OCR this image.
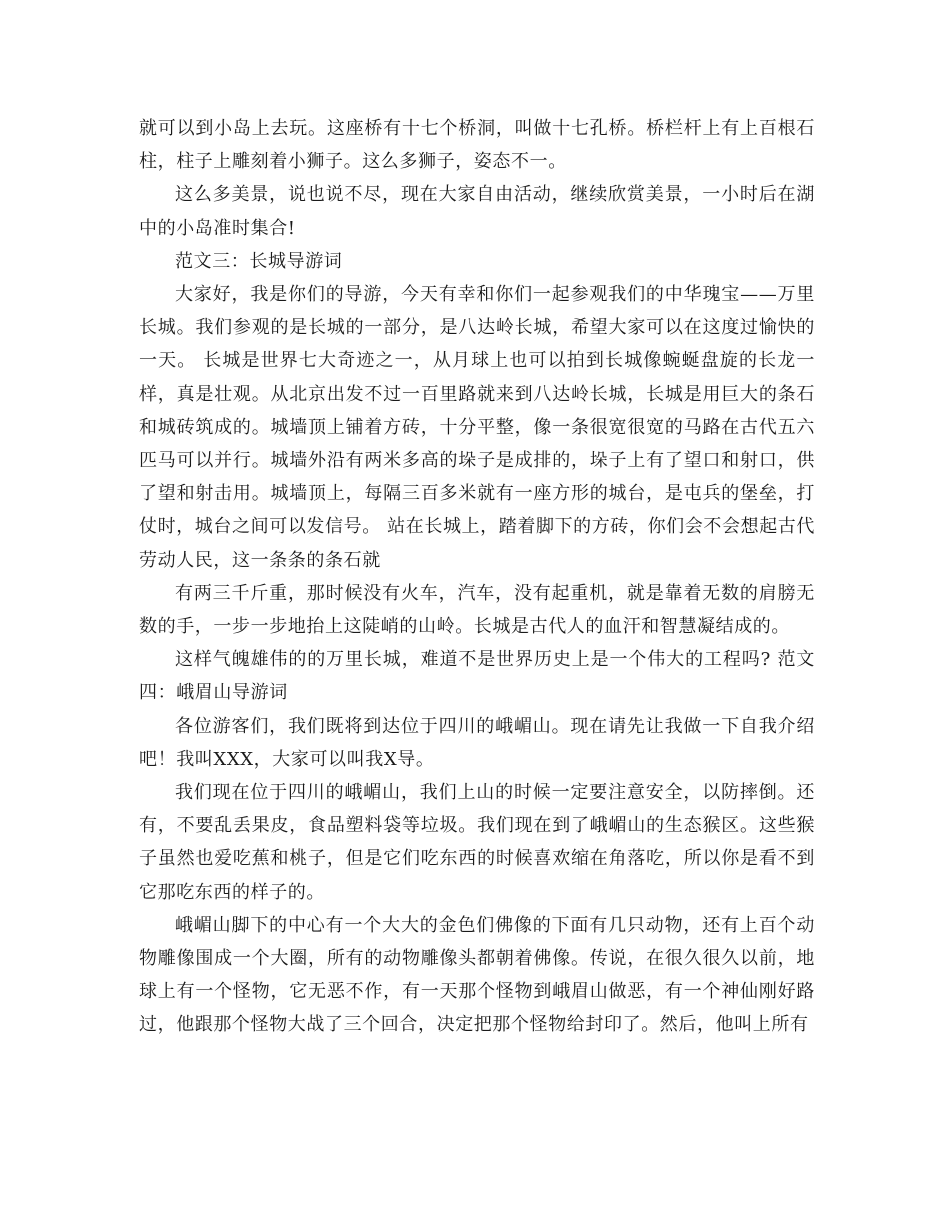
就可以到小岛上去玩。这座桥有十七个桥洞，叫做十七孔桥。桥栏杆上有上百根石柱，柱子上雕刻着小狮子。这么多狮子，姿态不一。

这么多美景，说也说不尽，现在大家自由活动，继续欣赏美景，一小时后在湖中的小岛准时集合!

范文三：长城导游词

大家好，我是你们的导游，今天有幸和你们一起参观我们的中华瑰宝——万里长城。我们参观的是长城的一部分，是八达岭长城，希望大家可以在这度过愉快的一天。 长城是世界七大奇迹之一，从月球上也可以拍到长城像蜿蜒盘旋的长龙一样，真是壮观。从北京出发不过一百里路就来到八达岭长城，长城是用巨大的条石和城砖筑成的。城墙顶上铺着方砖，十分平整，像一条很宽很宽的马路在古代五六匹马可以并行。城墙外沿有两米多高的垛子是成排的，垛子上有了望口和射口，供了望和射击用。城墙顶上，每隔三百多米就有一座方形的城台，是屯兵的堡垒，打仗时，城台之间可以发信号。 站在长城上，踏着脚下的方砖，你们会不会想起古代劳动人民，这一条条的条石就

有两三千斤重，那时候没有火车，汽车，没有起重机，就是靠着无数的肩膀无数的手，一步一步地抬上这陡峭的山岭。长城是古代人的血汗和智慧凝结成的。

这样气魄雄伟的的万里长城，难道不是世界历史上是一个伟大的工程吗? 范文四：峨眉山导游词

各位游客们，我们既将到达位于四川的峨嵋山。现在请先让我做一下自我介绍吧！我叫XXX，大家可以叫我X导。

我们现在位于四川的峨嵋山，我们上山的时候一定要注意安全，以防摔倒。还有，不要乱丢果皮，食品塑料袋等垃圾。我们现在到了峨嵋山的生态猴区。这些猴子虽然也爱吃蕉和桃子，但是它们吃东西的时候喜欢缩在角落吃，所以你是看不到它那吃东西的样子的。

峨嵋山脚下的中心有一个大大的金色们佛像的下面有几只动物，还有上百个动物雕像围成一个大圈，所有的动物雕像头都朝着佛像。传说，在很久很久以前，地球上有一个怪物，它无恶不作，有一天那个怪物到峨眉山做恶，有一个神仙刚好路过，他跟那个怪物大战了三个回合，决定把那个怪物给封印了。然后，他叫上所有
